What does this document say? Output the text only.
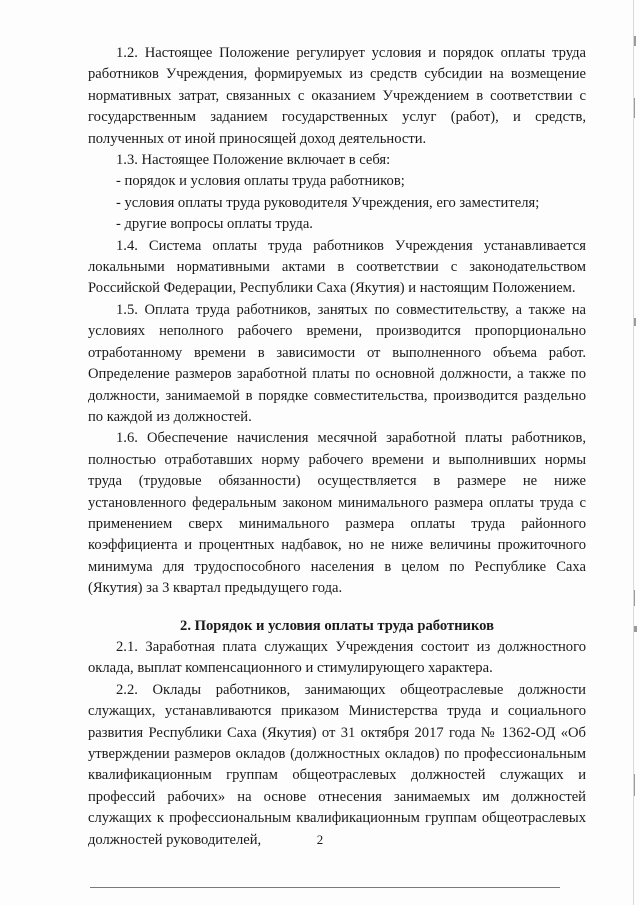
1.2. Настоящее Положение регулирует условия и порядок оплаты труда работников Учреждения, формируемых из средств субсидии на возмещение нормативных затрат, связанных с оказанием Учреждением в соответствии с государственным заданием государственных услуг (работ), и средств, полученных от иной приносящей доход деятельности.

1.3. Настоящее Положение включает в себя:

- порядок и условия оплаты труда работников;

- условия оплаты труда руководителя Учреждения, его заместителя;

- другие вопросы оплаты труда.

1.4. Система оплаты труда работников Учреждения устанавливается локальными нормативными актами в соответствии с законодательством Российской Федерации, Республики Саха (Якутия) и настоящим Положением.

1.5. Оплата труда работников, занятых по совместительству, а также на условиях неполного рабочего времени, производится пропорционально отработанному времени в зависимости от выполненного объема работ. Определение размеров заработной платы по основной должности, а также по должности, занимаемой в порядке совместительства, производится раздельно по каждой из должностей.

1.6. Обеспечение начисления месячной заработной платы работников, полностью отработавших норму рабочего времени и выполнивших нормы труда (трудовые обязанности) осуществляется в размере не ниже установленного федеральным законом минимального размера оплаты труда с применением сверх минимального размера оплаты труда районного коэффициента и процентных надбавок, но не ниже величины прожиточного минимума для трудоспособного населения в целом по Республике Саха (Якутия) за 3 квартал предыдущего года.

2. Порядок и условия оплаты труда работников

2.1. Заработная плата служащих Учреждения состоит из должностного оклада, выплат компенсационного и стимулирующего характера.

2.2. Оклады работников, занимающих общеотраслевые должности служащих, устанавливаются приказом Министерства труда и социального развития Республики Саха (Якутия) от 31 октября 2017 года № 1362-ОД «Об утверждении размеров окладов (должностных окладов) по профессиональным квалификационным группам общеотраслевых должностей служащих и профессий рабочих» на основе отнесения занимаемых им должностей служащих к профессиональным квалификационным группам общеотраслевых должностей руководителей,	2
